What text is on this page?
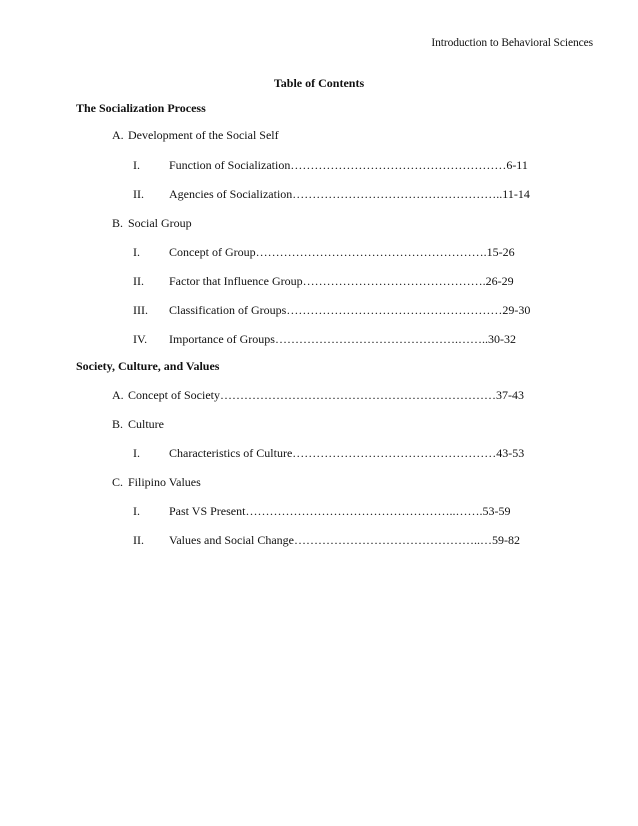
Introduction to Behavioral Sciences
Table of Contents
The Socialization Process
A. Development of the Social Self
I. Function of Socialization………………………………………………6-11
II. Agencies of Socialization……………………………………………..11-14
B. Social Group
I. Concept of Group………………………………………………….15-26
II. Factor that Influence Group……………………………………….26-29
III. Classification of Groups………………………………………………29-30
IV. Importance of Groups……………………………………….……..30-32
Society, Culture, and Values
A. Concept of Society……………………………………………………………37-43
B. Culture
I. Characteristics of Culture……………………………………………43-53
C. Filipino Values
I. Past VS Present……………………………………………..…….53-59
II. Values and Social Change………………………………………..…59-82
